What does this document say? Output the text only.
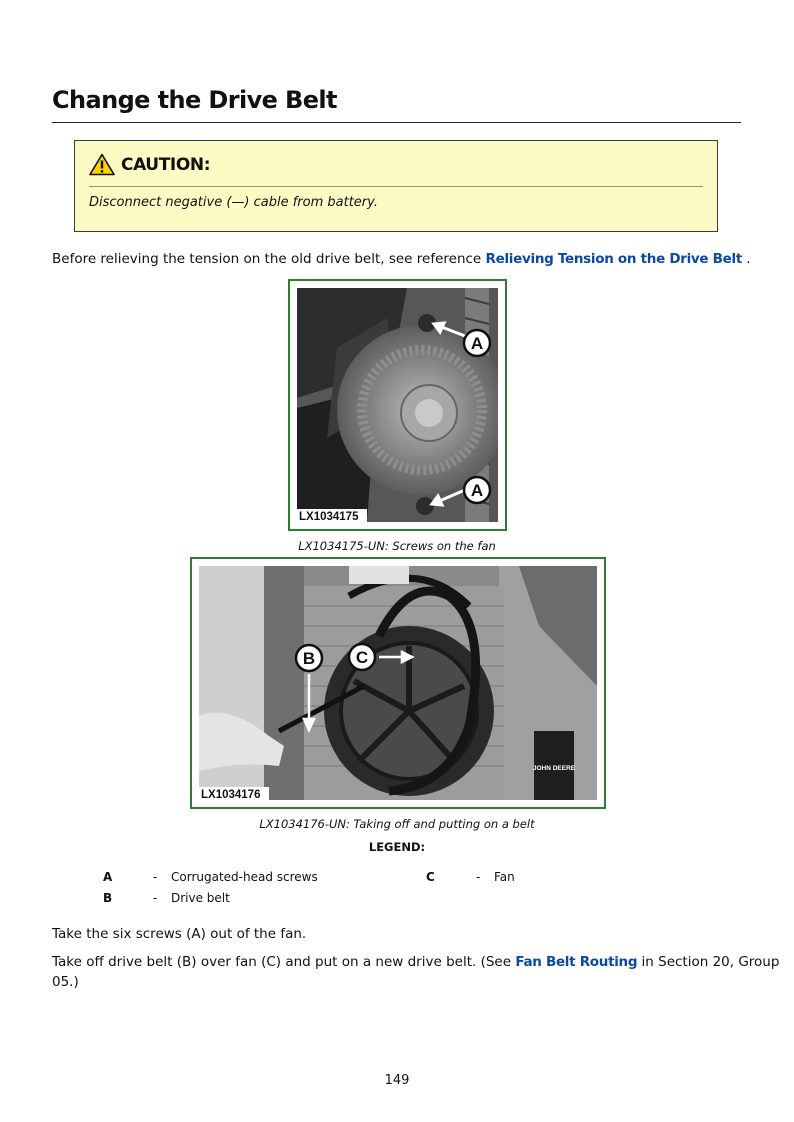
Change the Drive Belt
CAUTION:
Disconnect negative (—) cable from battery.

Before relieving the tension on the old drive belt, see reference Relieving Tension on the Drive Belt .

A
A
LX1034175
LX1034175-UN: Screws on the fan
JOHN DEERE
B C
LX1034176
LX1034176-UN: Taking off and putting on a belt
LEGEND:
A	- Corrugated-head screws
B	- Drive belt
C	- Fan

Take the six screws (A) out of the fan.

Take off drive belt (B) over fan (C) and put on a new drive belt. (See Fan Belt Routing in Section 20, Group

05.)

149
